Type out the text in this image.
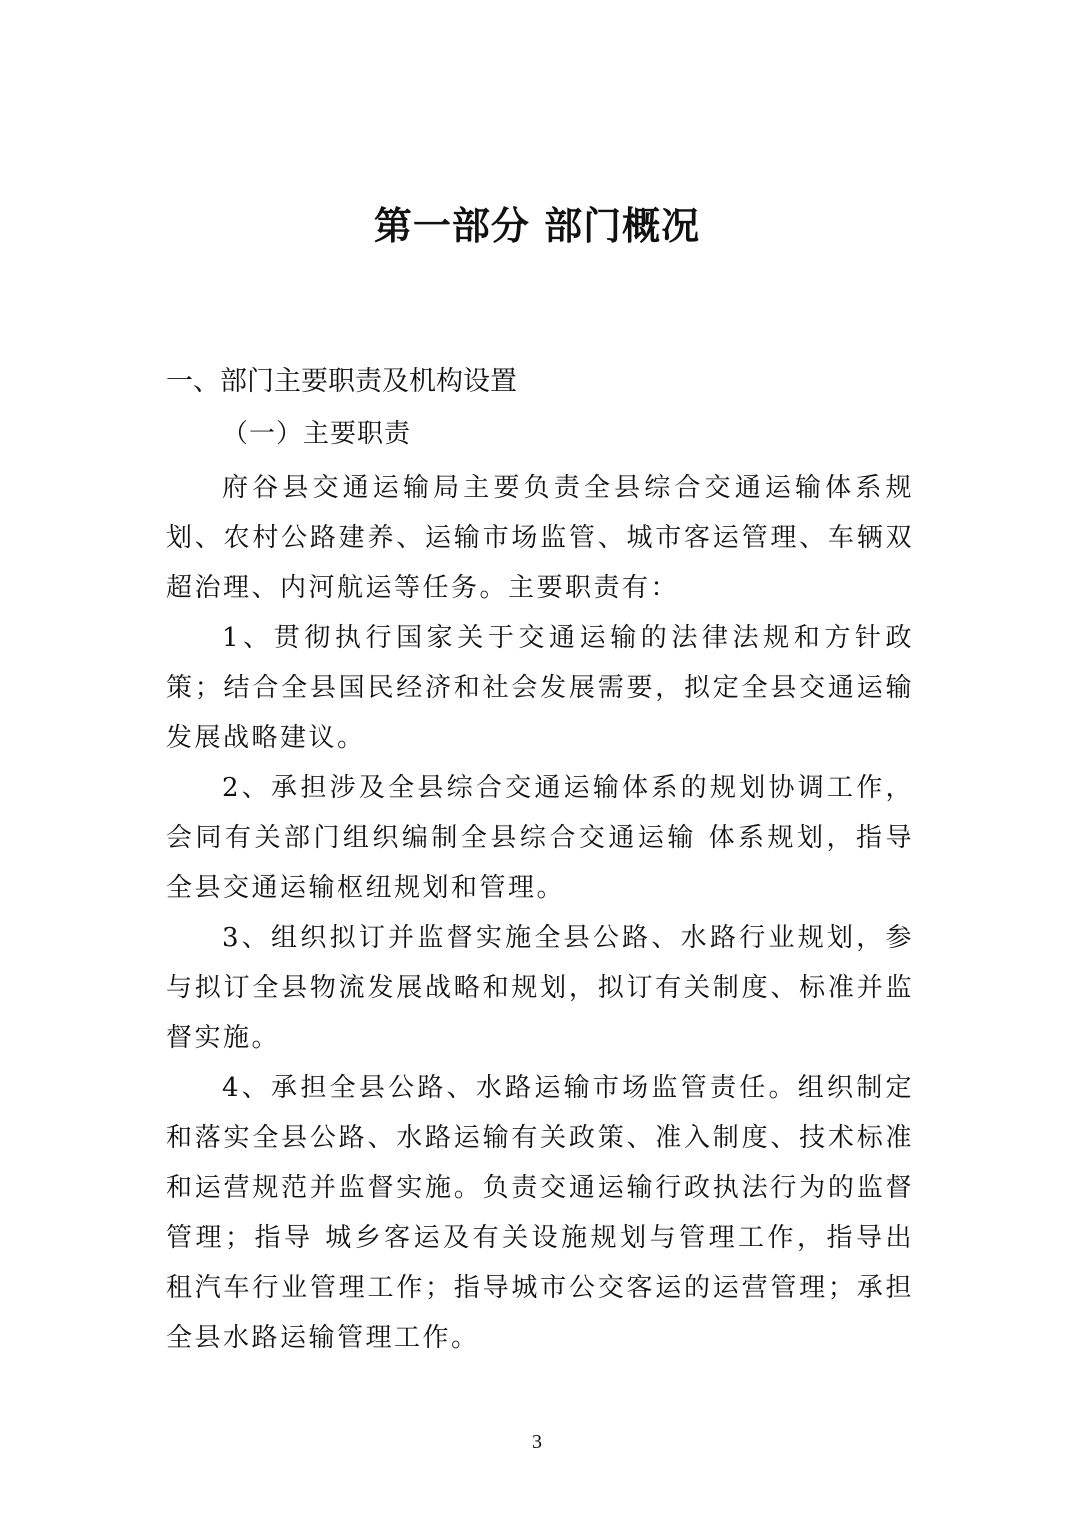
第一部分 部门概况
一、部门主要职责及机构设置
（一）主要职责

府谷县交通运输局主要负责全县综合交通运输体系规划、农村公路建养、运输市场监管、城市客运管理、车辆双超治理、内河航运等任务。主要职责有：

1、贯彻执行国家关于交通运输的法律法规和方针政策；结合全县国民经济和社会发展需要，拟定全县交通运输发展战略建议。

2、承担涉及全县综合交通运输体系的规划协调工作，会同有关部门组织编制全县综合交通运输 体系规划，指导全县交通运输枢纽规划和管理。

3、组织拟订并监督实施全县公路、水路行业规划，参与拟订全县物流发展战略和规划，拟订有关制度、标准并监督实施。

4、承担全县公路、水路运输市场监管责任。组织制定和落实全县公路、水路运输有关政策、准入制度、技术标准和运营规范并监督实施。负责交通运输行政执法行为的监督管理；指导 城乡客运及有关设施规划与管理工作，指导出租汽车行业管理工作；指导城市公交客运的运营管理；承担全县水路运输管理工作。

3
